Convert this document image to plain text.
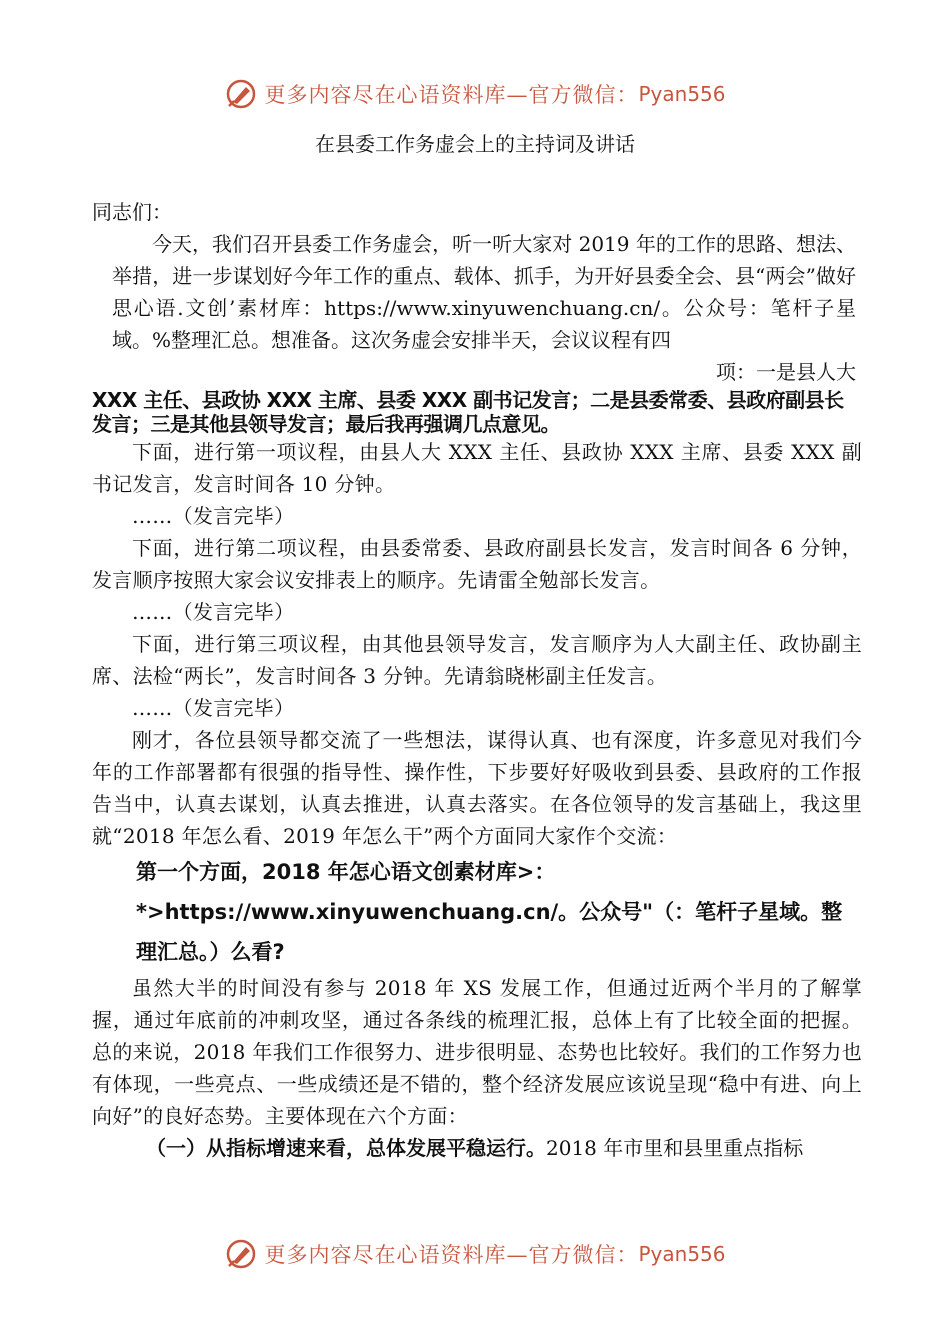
更多内容尽在心语资料库—官方微信： Pyan556
在县委工作务虚会上的主持词及讲话

同志们：

今天，我们召开县委工作务虚会，听一听大家对 2019 年的工作的思路、想法、举措，进一步谋划好今年工作的重点、载体、抓手，为开好县委全会、县“两会”做好思心语.文创’素材库：https://www.xinyuwenchuang.cn/。公众号：笔杆子星域。%整理汇总。想准备。这次务虚会安排半天，会议议程有四

项：一是县人大

XXX 主任、县政协 XXX 主席、县委 XXX 副书记发言；二是县委常委、县政府副县长发言；三是其他县领导发言；最后我再强调几点意见。

下面，进行第一项议程，由县人大 XXX 主任、县政协 XXX 主席、县委 XXX 副书记发言，发言时间各 10 分钟。

……（发言完毕）

下面，进行第二项议程，由县委常委、县政府副县长发言，发言时间各 6 分钟，发言顺序按照大家会议安排表上的顺序。先请雷全勉部长发言。

……（发言完毕）

下面，进行第三项议程，由其他县领导发言，发言顺序为人大副主任、政协副主席、法检“两长”，发言时间各 3 分钟。先请翁晓彬副主任发言。

……（发言完毕）

刚才，各位县领导都交流了一些想法，谋得认真、也有深度，许多意见对我们今年的工作部署都有很强的指导性、操作性，下步要好好吸收到县委、县政府的工作报告当中，认真去谋划，认真去推进，认真去落实。在各位领导的发言基础上，我这里就“2018 年怎么看、2019 年怎么干”两个方面同大家作个交流：

第一个方面，2018 年怎心语文创素材库>：*>https://www.xinyuwenchuang.cn/。公众号"（：笔杆子星域。整理汇总。）么看?

虽然大半的时间没有参与 2018 年 XS 发展工作，但通过近两个半月的了解掌握，通过年底前的冲刺攻坚，通过各条线的梳理汇报，总体上有了比较全面的把握。总的来说，2018 年我们工作很努力、进步很明显、态势也比较好。我们的工作努力也有体现，一些亮点、一些成绩还是不错的，整个经济发展应该说呈现“稳中有进、向上向好”的良好态势。主要体现在六个方面：

（一）从指标增速来看，总体发展平稳运行。2018 年市里和县里重点指标

更多内容尽在心语资料库—官方微信： Pyan556
